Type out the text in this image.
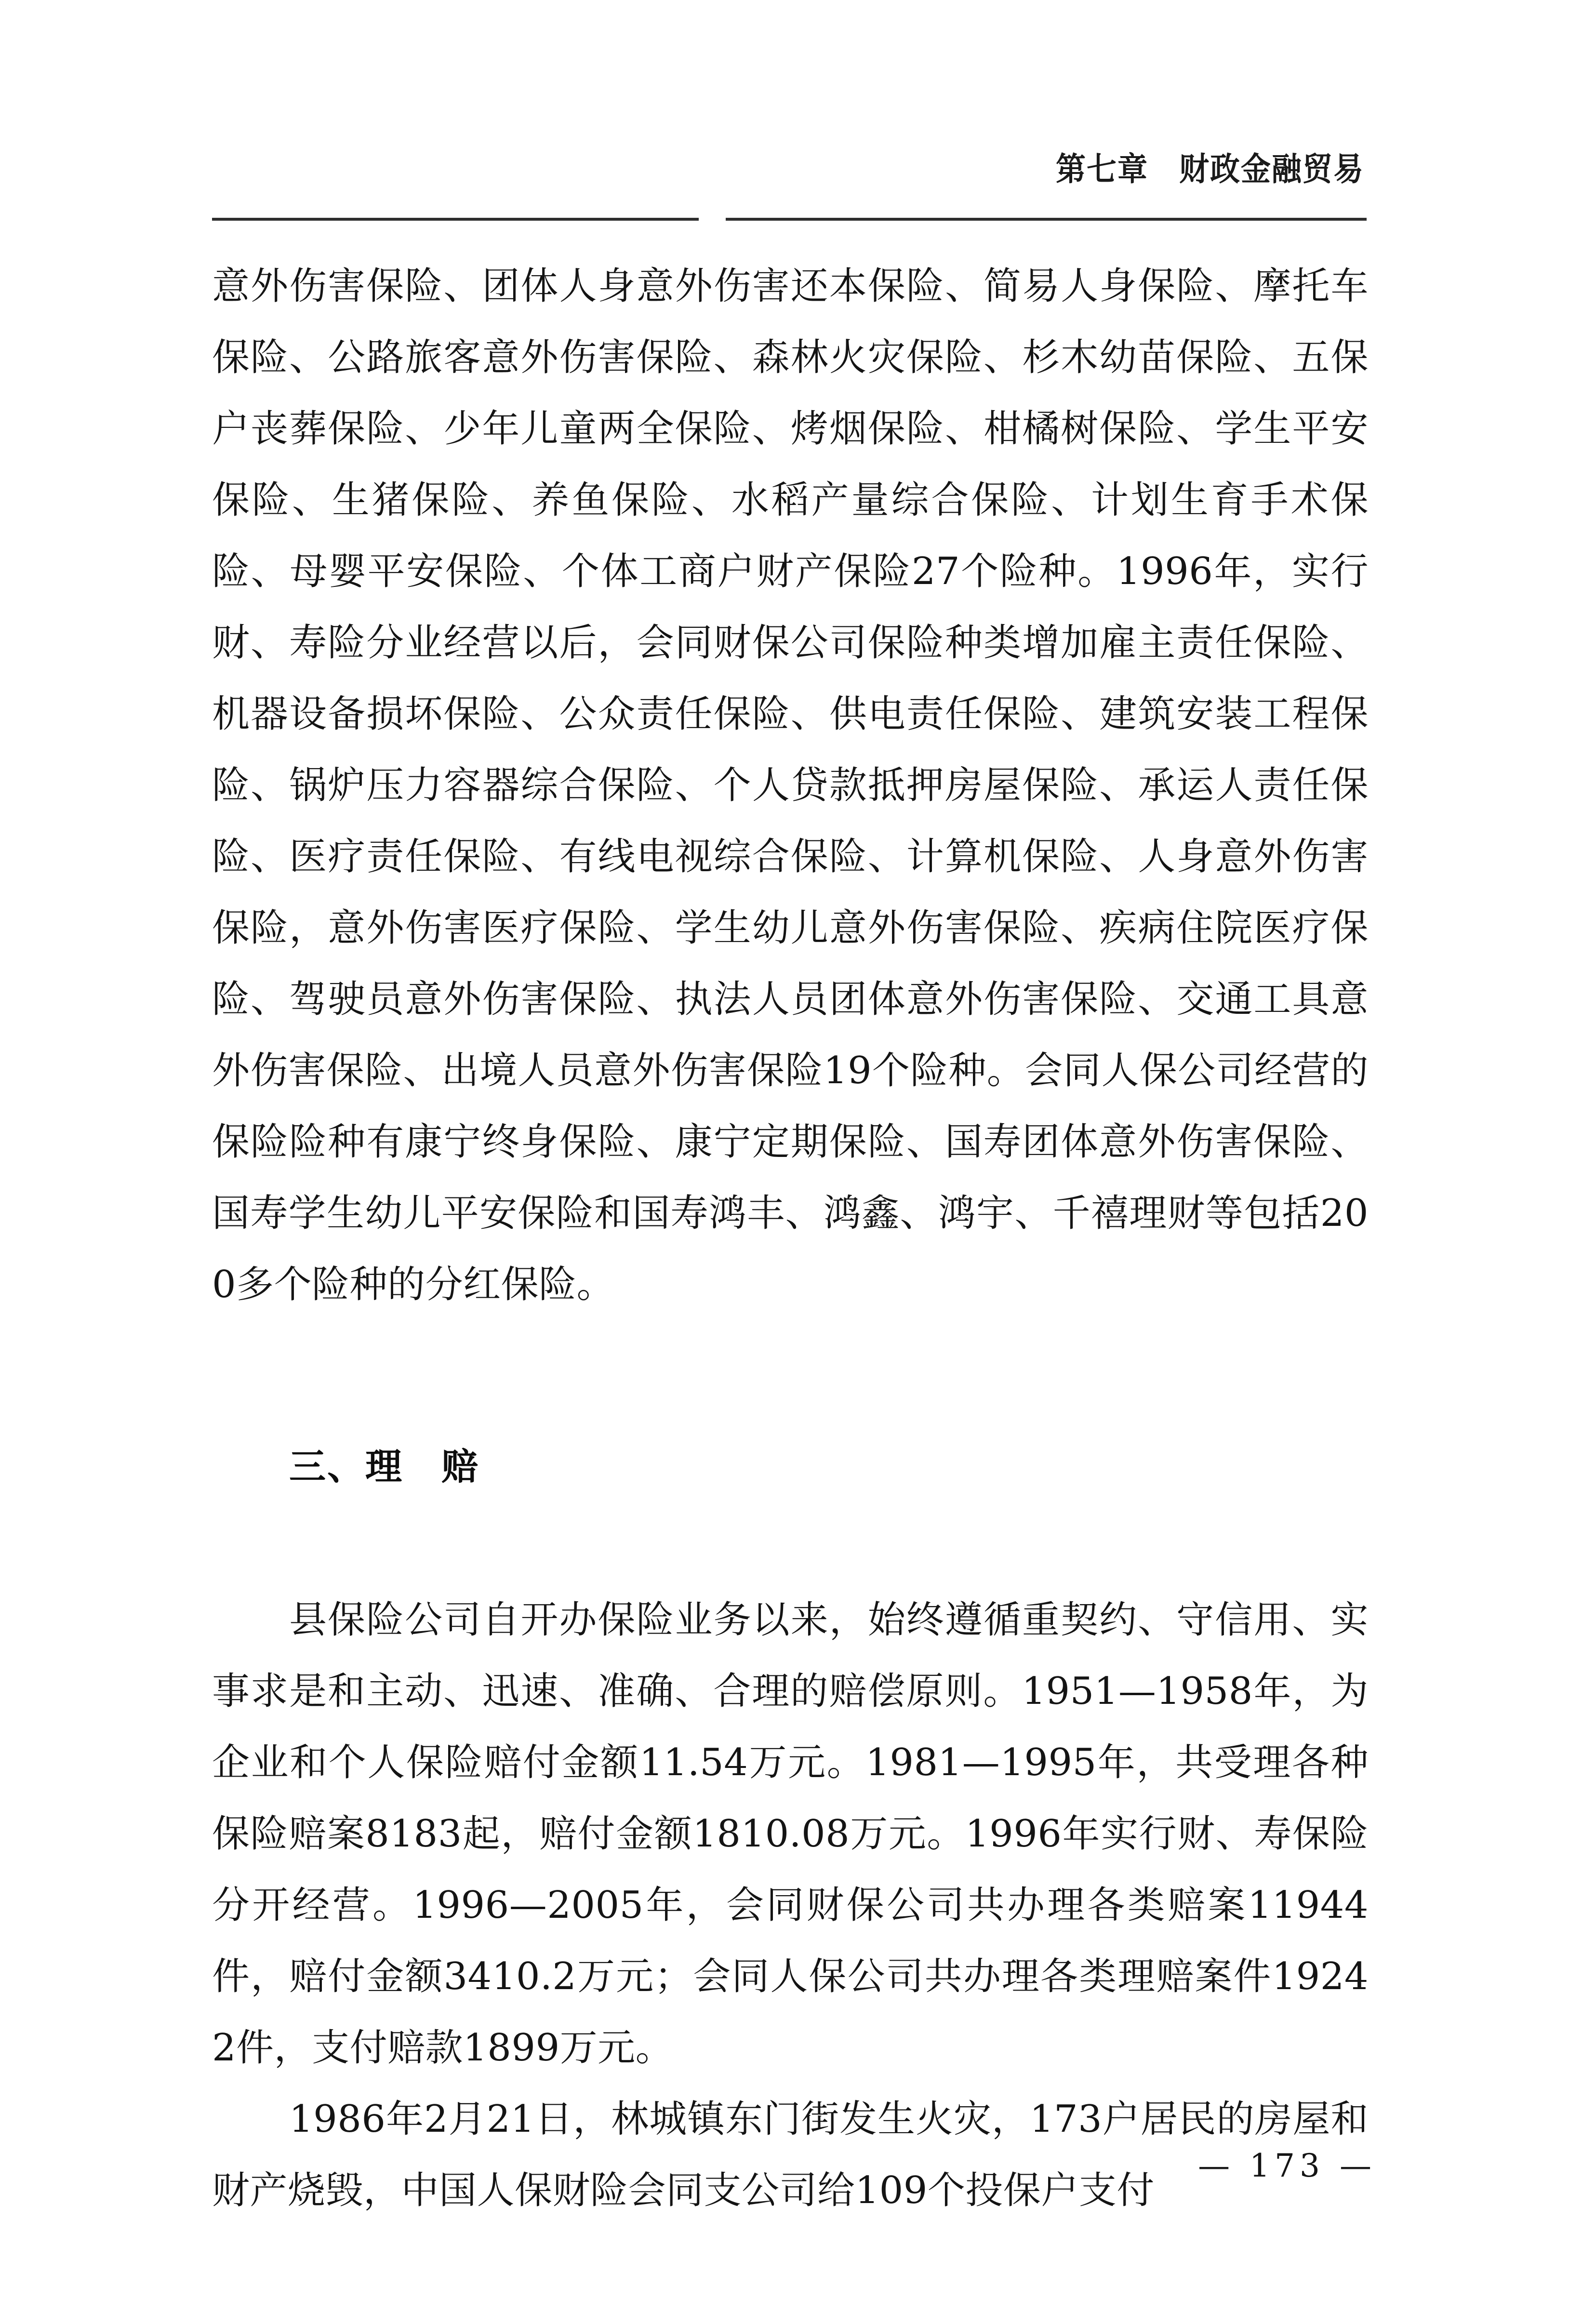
第七章　财政金融贸易

意外伤害保险、团体人身意外伤害还本保险、简易人身保险、摩托车保险、公路旅客意外伤害保险、森林火灾保险、杉木幼苗保险、五保户丧葬保险、少年儿童两全保险、烤烟保险、柑橘树保险、学生平安保险、生猪保险、养鱼保险、水稻产量综合保险、计划生育手术保险、母婴平安保险、个体工商户财产保险27个险种。1996年，实行财、寿险分业经营以后，会同财保公司保险种类增加雇主责任保险、机器设备损坏保险、公众责任保险、供电责任保险、建筑安装工程保险、锅炉压力容器综合保险、个人贷款抵押房屋保险、承运人责任保险、医疗责任保险、有线电视综合保险、计算机保险、人身意外伤害保险，意外伤害医疗保险、学生幼儿意外伤害保险、疾病住院医疗保险、驾驶员意外伤害保险、执法人员团体意外伤害保险、交通工具意外伤害保险、出境人员意外伤害保险19个险种。会同人保公司经营的保险险种有康宁终身保险、康宁定期保险、国寿团体意外伤害保险、国寿学生幼儿平安保险和国寿鸿丰、鸿鑫、鸿宇、千禧理财等包括200多个险种的分红保险。

三、理　赔

县保险公司自开办保险业务以来，始终遵循重契约、守信用、实事求是和主动、迅速、准确、合理的赔偿原则。1951—1958年，为企业和个人保险赔付金额11.54万元。1981—1995年，共受理各种保险赔案8183起，赔付金额1810.08万元。1996年实行财、寿保险分开经营。1996—2005年，会同财保公司共办理各类赔案11944件，赔付金额3410.2万元；会同人保公司共办理各类理赔案件19242件，支付赔款1899万元。

1986年2月21日，林城镇东门街发生火灾，173户居民的房屋和财产烧毁，中国人保财险会同支公司给109个投保户支付

— 173 —
